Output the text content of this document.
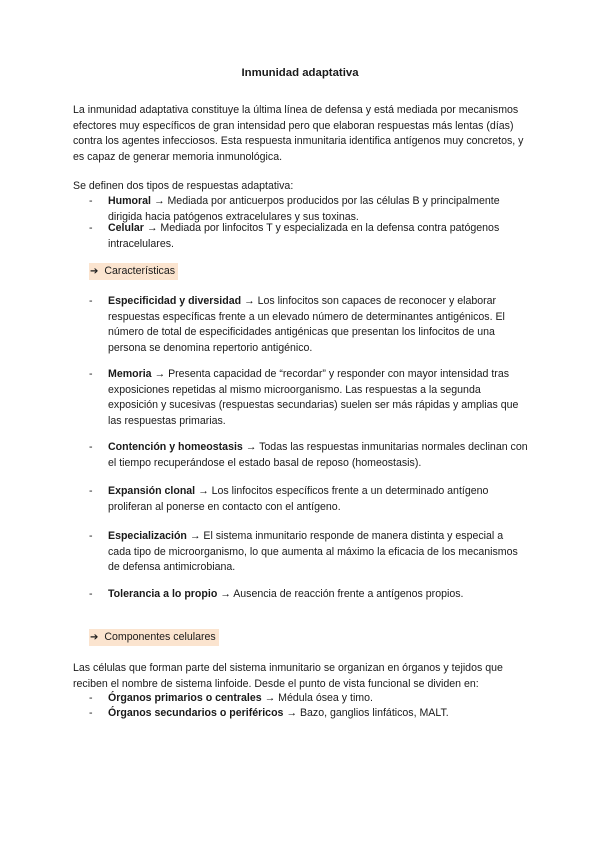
Inmunidad adaptativa
La inmunidad adaptativa constituye la última línea de defensa y está mediada por mecanismos efectores muy específicos de gran intensidad pero que elaboran respuestas más lentas (días) contra los agentes infecciosos. Esta respuesta inmunitaria identifica antígenos muy concretos, y es capaz de generar memoria inmunológica.
Se definen dos tipos de respuestas adaptativa:
-	Humoral → Mediada por anticuerpos producidos por las células B y principalmente dirigida hacia patógenos extracelulares y sus toxinas.
-	Celular → Mediada por linfocitos T y especializada en la defensa contra patógenos intracelulares.
➔ Características
-	Especificidad y diversidad → Los linfocitos son capaces de reconocer y elaborar respuestas específicas frente a un elevado número de determinantes antigénicos. El número de total de especificidades antigénicas que presentan los linfocitos de una persona se denomina repertorio antigénico.
-	Memoria → Presenta capacidad de “recordar” y responder con mayor intensidad tras exposiciones repetidas al mismo microorganismo. Las respuestas a la segunda exposición y sucesivas (respuestas secundarias) suelen ser más rápidas y amplias que las respuestas primarias.
-	Contención y homeostasis → Todas las respuestas inmunitarias normales declinan con el tiempo recuperándose el estado basal de reposo (homeostasis).
-	Expansión clonal → Los linfocitos específicos frente a un determinado antígeno proliferan al ponerse en contacto con el antígeno.
-	Especialización → El sistema inmunitario responde de manera distinta y especial a cada tipo de microorganismo, lo que aumenta al máximo la eficacia de los mecanismos de defensa antimicrobiana.
-	Tolerancia a lo propio → Ausencia de reacción frente a antígenos propios.
➔ Componentes celulares
Las células que forman parte del sistema inmunitario se organizan en órganos y tejidos que reciben el nombre de sistema linfoide. Desde el punto de vista funcional se dividen en:
-	Órganos primarios o centrales → Médula ósea y timo.
-	Órganos secundarios o periféricos → Bazo, ganglios linfáticos, MALT.
